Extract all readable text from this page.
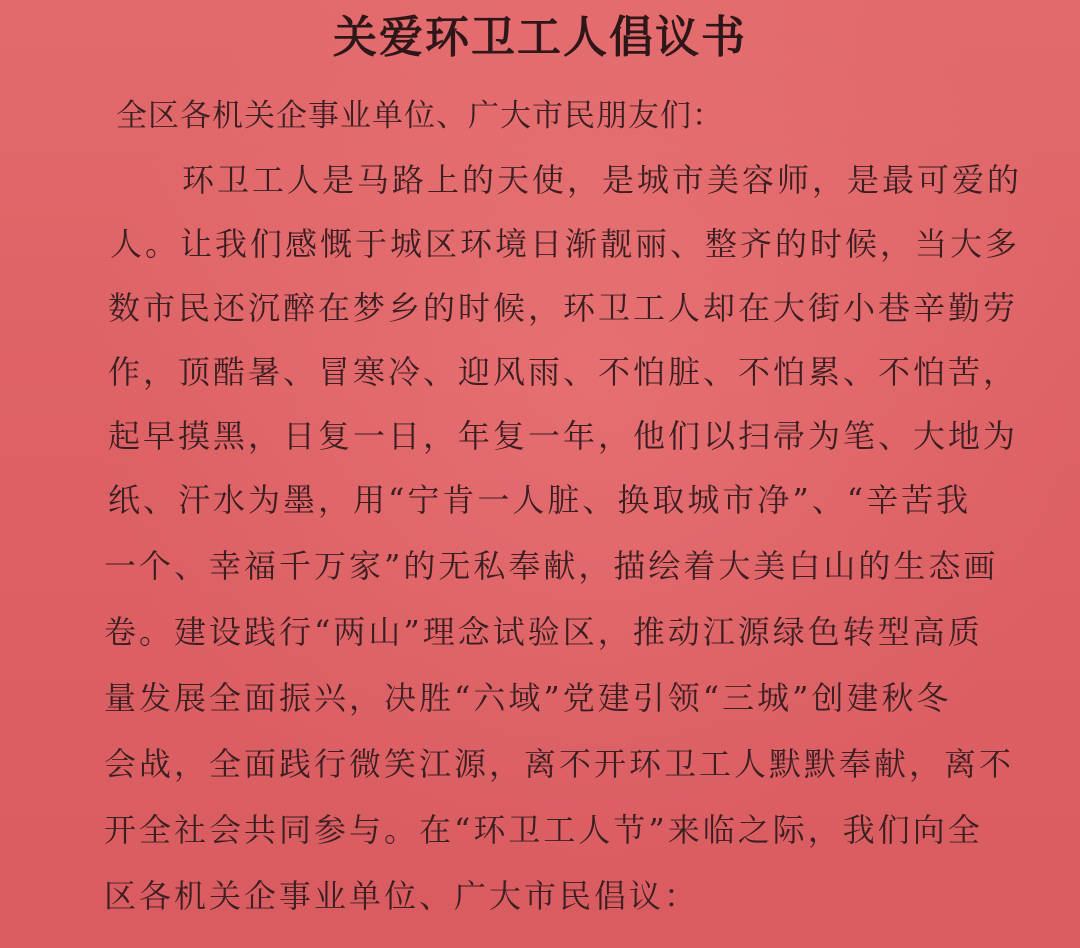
关爱环卫工人倡议书
全区各机关企事业单位、广大市民朋友们：
环卫工人是马路上的天使，是城市美容师，是最可爱的
人。让我们感慨于城区环境日渐靓丽、整齐的时候，当大多
数市民还沉醉在梦乡的时候，环卫工人却在大街小巷辛勤劳
作，顶酷暑、冒寒冷、迎风雨、不怕脏、不怕累、不怕苦，
起早摸黑，日复一日，年复一年，他们以扫帚为笔、大地为
纸、汗水为墨，用“宁肯一人脏、换取城市净”、“辛苦我
一个、幸福千万家”的无私奉献，描绘着大美白山的生态画
卷。建设践行“两山”理念试验区，推动江源绿色转型高质
量发展全面振兴，决胜“六域”党建引领“三城”创建秋冬
会战，全面践行微笑江源，离不开环卫工人默默奉献，离不
开全社会共同参与。在“环卫工人节”来临之际，我们向全
区各机关企事业单位、广大市民倡议：
